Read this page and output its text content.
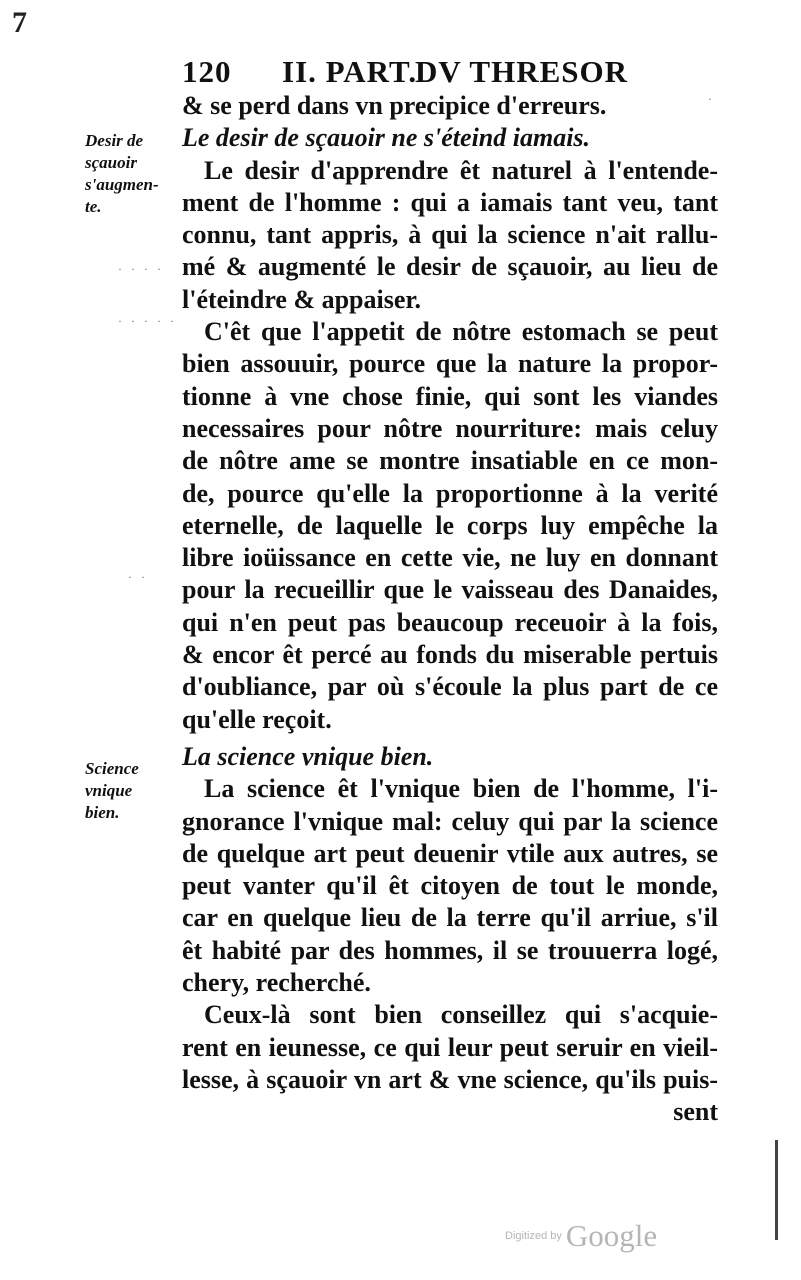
7
120 II. PART.
DV THRESOR
Desir de
sçauoir
s'augmen-
te.
Science
vnique
bien.
· · · ·
· · · · ·
· ·
·
& se perd dans vn precipice d'erreurs.
Le desir de sçauoir ne s'éteind iamais.
Le desir d'apprendre êt naturel à l'entende-
ment de l'homme : qui a iamais tant veu, tant
connu, tant appris, à qui la science n'ait rallu-
mé & augmenté le desir de sçauoir, au lieu de
l'éteindre & appaiser.
C'êt que l'appetit de nôtre estomach se peut
bien assouuir, pource que la nature la propor-
tionne à vne chose finie, qui sont les viandes
necessaires pour nôtre nourriture: mais celuy
de nôtre ame se montre insatiable en ce mon-
de, pource qu'elle la proportionne à la verité
eternelle, de laquelle le corps luy empêche la
libre ioüissance en cette vie, ne luy en donnant
pour la recueillir que le vaisseau des Danaides,
qui n'en peut pas beaucoup receuoir à la fois,
& encor êt percé au fonds du miserable pertuis
d'oubliance, par où s'écoule la plus part de ce
qu'elle reçoit.
La science vnique bien.
La science êt l'vnique bien de l'homme, l'i-
gnorance l'vnique mal: celuy qui par la science
de quelque art peut deuenir vtile aux autres, se
peut vanter qu'il êt citoyen de tout le monde,
car en quelque lieu de la terre qu'il arriue, s'il
êt habité par des hommes, il se trouuerra logé,
chery, recherché.
Ceux-là sont bien conseillez qui s'acquie-
rent en ieunesse, ce qui leur peut seruir en vieil-
lesse, à sçauoir vn art & vne science, qu'ils puis-
sent
Digitized by Google
